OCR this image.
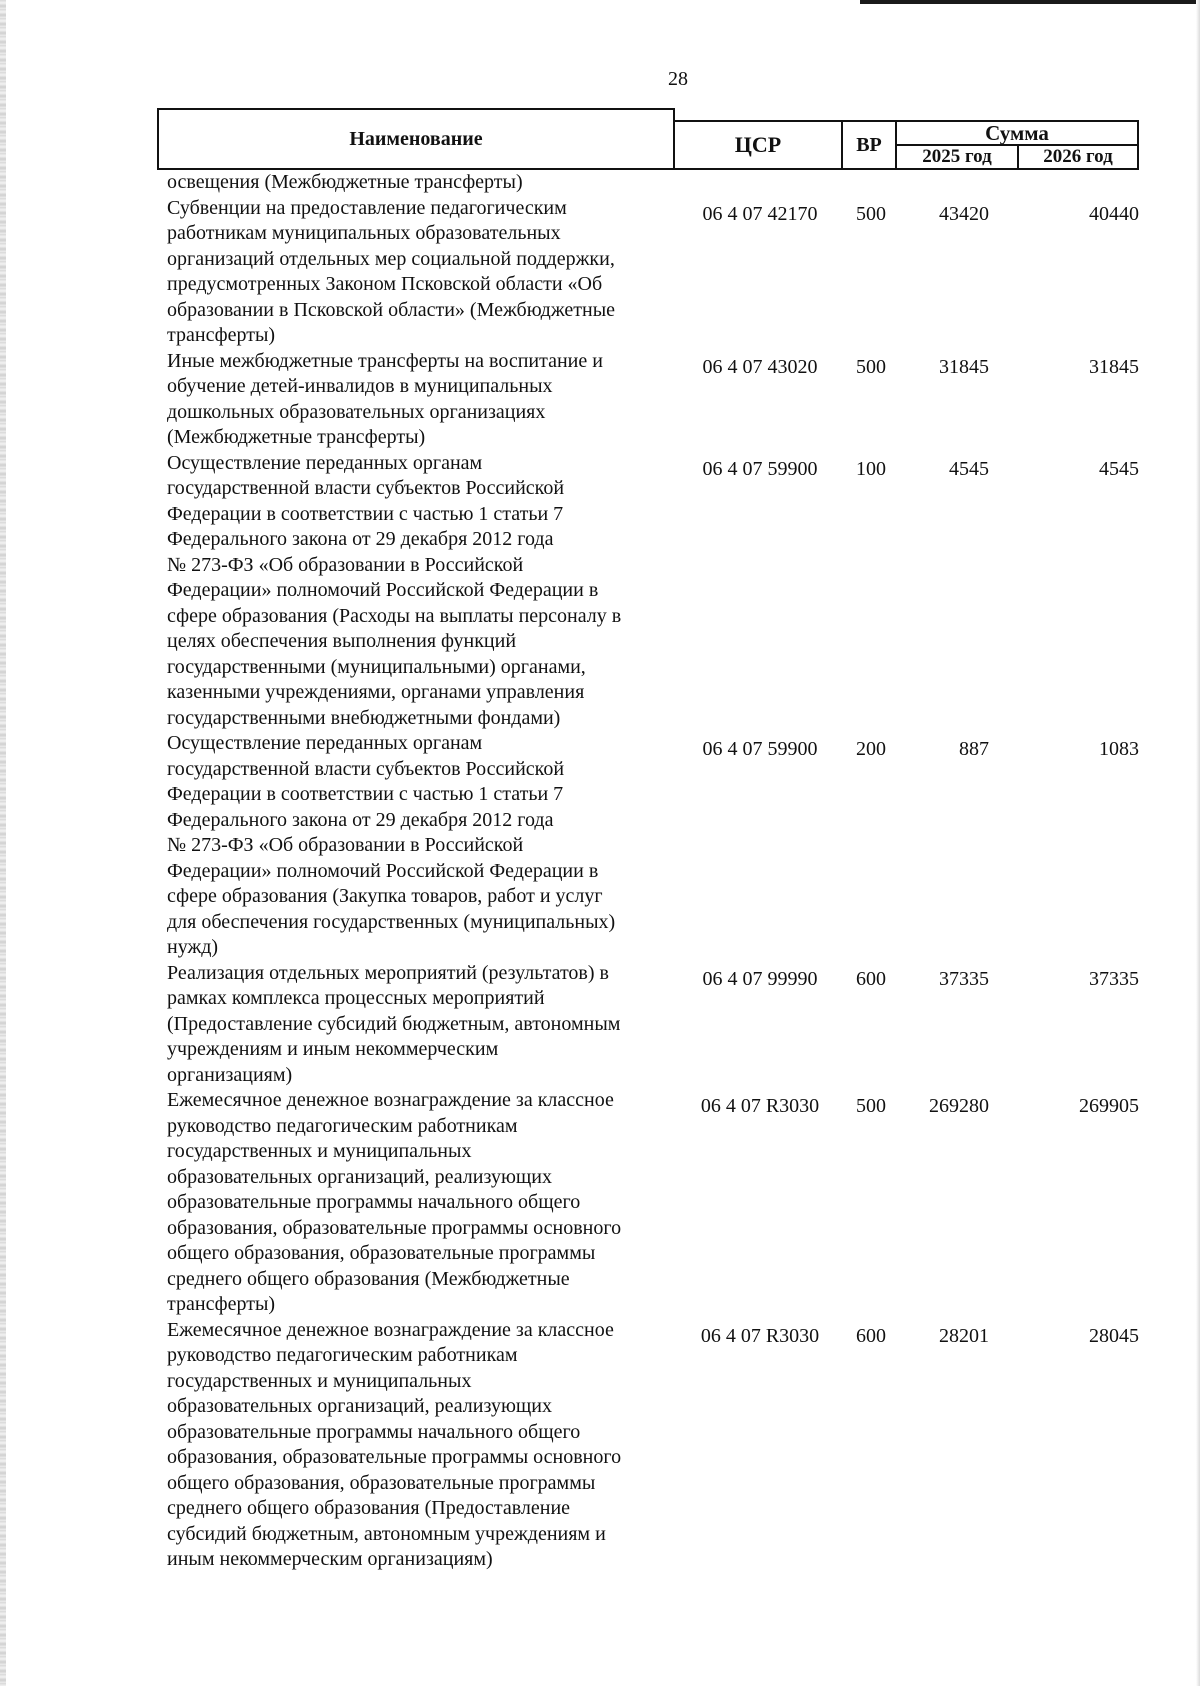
28
Наименование	ЦСР	ВР	Сумма
2025 год	2026 год
освещения (Межбюджетные трансферты)
Субвенции на предоставление педагогическим
работникам муниципальных образовательных
организаций отдельных мер социальной поддержки,
предусмотренных Законом Псковской области «Об
образовании в Псковской области» (Межбюджетные
трансферты)
06 4 07 42170	500	43420	40440
Иные межбюджетные трансферты на воспитание и
обучение детей-инвалидов в муниципальных
дошкольных образовательных организациях
(Межбюджетные трансферты)
06 4 07 43020	500	31845	31845
Осуществление переданных органам
государственной власти субъектов Российской
Федерации в соответствии с частью 1 статьи 7
Федерального закона от 29 декабря 2012 года
№ 273-ФЗ «Об образовании в Российской
Федерации» полномочий Российской Федерации в
сфере образования (Расходы на выплаты персоналу в
целях обеспечения выполнения функций
государственными (муниципальными) органами,
казенными учреждениями, органами управления
государственными внебюджетными фондами)
06 4 07 59900	100	4545	4545
Осуществление переданных органам
государственной власти субъектов Российской
Федерации в соответствии с частью 1 статьи 7
Федерального закона от 29 декабря 2012 года
№ 273-ФЗ «Об образовании в Российской
Федерации» полномочий Российской Федерации в
сфере образования (Закупка товаров, работ и услуг
для обеспечения государственных (муниципальных)
нужд)
06 4 07 59900	200	887	1083
Реализация отдельных мероприятий (результатов) в
рамках комплекса процессных мероприятий
(Предоставление субсидий бюджетным, автономным
учреждениям и иным некоммерческим
организациям)
06 4 07 99990	600	37335	37335
Ежемесячное денежное вознаграждение за классное
руководство педагогическим работникам
государственных и муниципальных
образовательных организаций, реализующих
образовательные программы начального общего
образования, образовательные программы основного
общего образования, образовательные программы
среднего общего образования (Межбюджетные
трансферты)
06 4 07 R3030	500	269280	269905
Ежемесячное денежное вознаграждение за классное
руководство педагогическим работникам
государственных и муниципальных
образовательных организаций, реализующих
образовательные программы начального общего
образования, образовательные программы основного
общего образования, образовательные программы
среднего общего образования (Предоставление
субсидий бюджетным, автономным учреждениям и
иным некоммерческим организациям)
06 4 07 R3030	600	28201	28045
